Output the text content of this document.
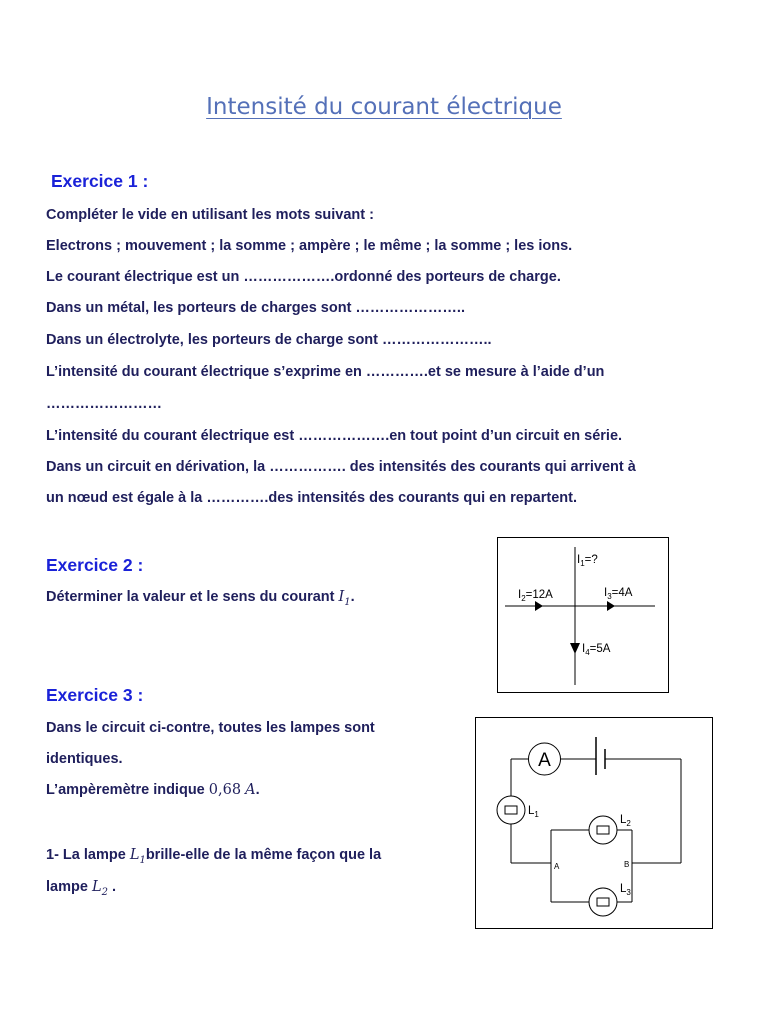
Intensité du courant électrique
Exercice 1 :
Compléter le vide en utilisant les mots suivant :
Electrons ; mouvement ; la somme ; ampère ; le même ; la somme ; les ions.
Le courant électrique est un ……………….ordonné des porteurs de charge.
Dans un métal, les porteurs de charges sont …………………..
Dans un électrolyte, les porteurs de charge sont …………………..
L’intensité du courant électrique s’exprime en ………….et se mesure à l’aide d’un
……………………
L’intensité du courant électrique est ……………….en tout point d’un circuit en série.
Dans un circuit en dérivation, la ……………. des intensités des courants qui arrivent à
un nœud est égale à la ………….des intensités des courants qui en repartent.
Exercice 2 :
Déterminer la valeur et le sens du courant $I_1$.
$I_1=$?
$I_2=12A$	$I_3=4A$
$I_4=5A$
Exercice 3 :
Dans le circuit ci-contre, toutes les lampes sont
identiques.
L’ampèremètre indique 0,68 A.
1- La lampe $L_1brille$-elle de la même façon que la
lampe $L_2$ .
A
$L_1$	$L_2$
$L_3$
A	B
